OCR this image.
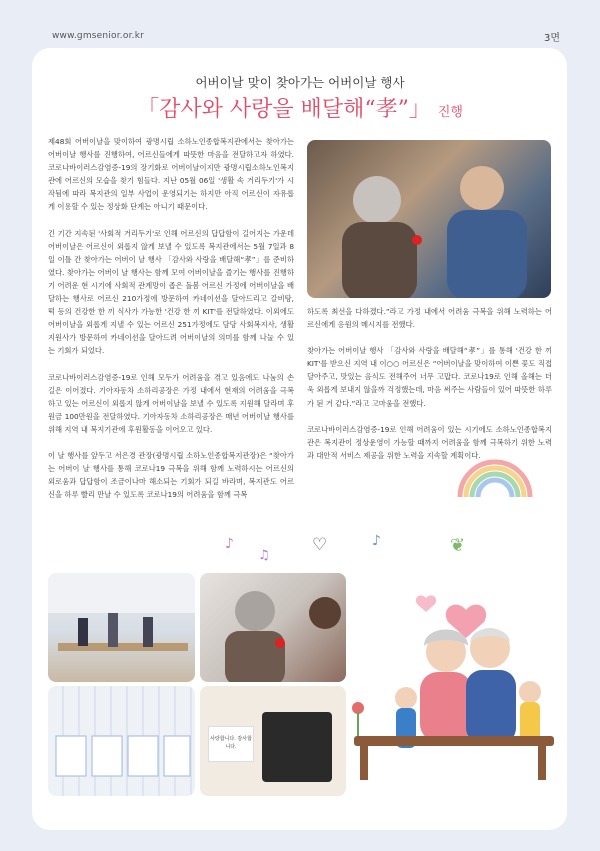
www.gmsenior.or.kr	3면
어버이날 맞이 찾아가는 어버이날 행사
「감사와 사랑을 배달해“孝”」 진행

제48회 어버이날을 맞이하여 광명시립 소하노인종합복지관에서는 찾아가는 어버이날 행사를 진행하여, 어르신들에게 따뜻한 마음을 전달하고자 하였다. 코로나바이러스감염증-19의 장기화로 어버이날이지만 광명시립소하노인복지관에 어르신의 모습을 찾기 힘들다. 지난 05월 06일 '생활 속 거리두기'가 시작됨에 따라 복지관의 일부 사업이 운영되기는 하지만 아직 어르신이 자유롭게 이용할 수 있는 정상화 단계는 아니기 때문이다.

긴 기간 지속된 '사회적 거리두기'로 인해 어르신의 답답함이 길어지는 가운데 어버이날은 어르신이 외롭지 않게 보낼 수 있도록 복지관에서는 5월 7일과 8일 이틀 간 찾아가는 어버이 날 행사 「감사와 사랑을 배달해“孝”」를 준비하였다. 찾아가는 어버이 날 행사는 함께 모여 어버이날을 즐기는 행사를 진행하기 어려운 현 시기에 사회적 관계망이 좁은 돌봄 어르신 가정에 어버이날을 배달하는 행사로 어르신 210가정에 방문하여 카네이션을 달아드리고 갈비탕, 떡 등의 건강한 한 끼 식사가 가능한 '건강 한 끼 KIT'를 전달하였다. 이외에도 어버이날을 외롭게 지낼 수 있는 어르신 251가정에도 담당 사회복지사, 생활지원사가 방문하여 카네이션을 달아드려 어버이날의 의미를 함께 나눌 수 있는 기회가 되었다.

코로나바이러스감염증-19로 인해 모두가 어려움을 겪고 있음에도 나눔의 손길은 이어졌다. 기아자동차 소하리공장은 가정 내에서 현재의 어려움을 극복하고 있는 어르신이 외롭지 않게 어버이날을 보낼 수 있도록 지원해 달라며 후원금 100만원을 전달하였다. 기아자동차 소하리공장은 매년 어버이날 행사를 위해 지역 내 복지기관에 후원활동을 이어오고 있다.

이 날 행사를 앞두고 서은경 관장(광명시립 소하노인종합복지관장)은 “찾아가는 어버이 날 행사를 통해 코로나19 극복을 위해 함께 노력하시는 어르신의 외로움과 답답함이 조금이나마 해소되는 기회가 되길 바라며, 복지관도 어르신을 하루 빨리 만날 수 있도록 코로나19의 어려움을 함께 극복

하도록 최선을 다하겠다.”라고 가정 내에서 어려움 극복을 위해 노력하는 어르신에게 응원의 메시지를 전했다.

찾아가는 어버이날 행사 「감사와 사랑을 배달해“孝”」를 통해 '건강 한 끼 KIT'를 받으신 지역 내 이○○ 어르신은 “어버이날을 맞이하여 이쁜 꽃도 직접 달아주고, 맛있는 음식도 전해주어 너무 고맙다. 코로나19로 인해 올해는 더욱 외롭게 보내지 않을까 걱정했는데, 마음 써주는 사람들이 있어 따뜻한 하루가 된 거 같다.”라고 고마움을 전했다.

코로나바이러스감염증-19로 인해 어려움이 있는 시기에도 소하노인종합복지관은 복지관이 정상운영이 가능할 때까지 어려움을 함께 극복하기 위한 노력과 대안적 서비스 제공을 위한 노력을 지속할 계획이다.

♪
♫
♡	♪	❦
사랑합니다. 감사합니다.
